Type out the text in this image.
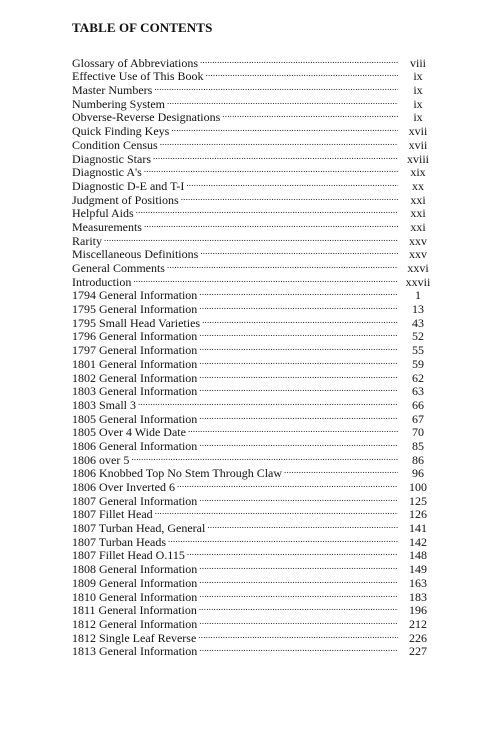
TABLE OF CONTENTS
Glossary of Abbreviations .....	viii
Effective Use of This Book .....	ix
Master Numbers .....	ix
Numbering System .....	ix
Obverse-Reverse Designations .....	ix
Quick Finding Keys .....	xvii
Condition Census .....	xvii
Diagnostic Stars .....	xviii
Diagnostic A's .....	xix
Diagnostic D-E and T-I .....	xx
Judgment of Positions .....	xxi
Helpful Aids .....	xxi
Measurements .....	xxi
Rarity .....	xxv
Miscellaneous Definitions .....	xxv
General Comments .....	xxvi
Introduction .....	xxvii
1794 General Information .....	1
1795 General Information .....	13
1795 Small Head Varieties .....	43
1796 General Information .....	52
1797 General Information .....	55
1801 General Information .....	59
1802 General Information .....	62
1803 General Information .....	63
1803 Small 3 .....	66
1805 General Information .....	67
1805 Over 4 Wide Date .....	70
1806 General Information .....	85
1806 over 5 .....	86
1806 Knobbed Top No Stem Through Claw .....	96
1806 Over Inverted 6 .....	100
1807 General Information .....	125
1807 Fillet Head .....	126
1807 Turban Head, General .....	141
1807 Turban Heads .....	142
1807 Fillet Head O.115 .....	148
1808 General Information .....	149
1809 General Information .....	163
1810 General Information .....	183
1811 General Information .....	196
1812 General Information .....	212
1812 Single Leaf Reverse .....	226
1813 General Information .....	227
